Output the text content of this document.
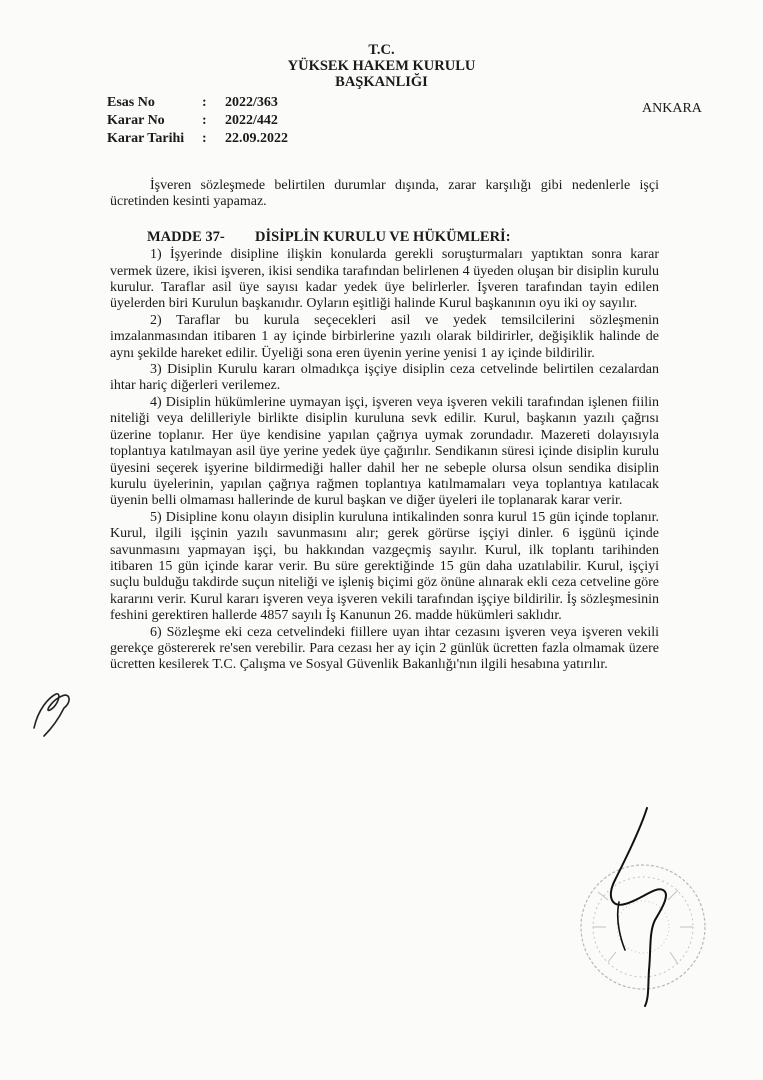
T.C.
YÜKSEK HAKEM KURULU
BAŞKANLIĞI
Esas No	:	2022/363
Karar No	:	2022/442
Karar Tarihi	:	22.09.2022
ANKARA

İşveren sözleşmede belirtilen durumlar dışında, zarar karşılığı gibi nedenlerle işçi ücretinden kesinti yapamaz.

MADDE 37- DİSİPLİN KURULU VE HÜKÜMLERİ:

1) İşyerinde disipline ilişkin konularda gerekli soruşturmaları yaptıktan sonra karar vermek üzere, ikisi işveren, ikisi sendika tarafından belirlenen 4 üyeden oluşan bir disiplin kurulu kurulur. Taraflar asil üye sayısı kadar yedek üye belirlerler. İşveren tarafından tayin edilen üyelerden biri Kurulun başkanıdır. Oyların eşitliği halinde Kurul başkanının oyu iki oy sayılır.

2) Taraflar bu kurula seçecekleri asil ve yedek temsilcilerini sözleşmenin imzalanmasından itibaren 1 ay içinde birbirlerine yazılı olarak bildirirler, değişiklik halinde de aynı şekilde hareket edilir. Üyeliği sona eren üyenin yerine yenisi 1 ay içinde bildirilir.

3) Disiplin Kurulu kararı olmadıkça işçiye disiplin ceza cetvelinde belirtilen cezalardan ihtar hariç diğerleri verilemez.

4) Disiplin hükümlerine uymayan işçi, işveren veya işveren vekili tarafından işlenen fiilin niteliği veya delilleriyle birlikte disiplin kuruluna sevk edilir. Kurul, başkanın yazılı çağrısı üzerine toplanır. Her üye kendisine yapılan çağrıya uymak zorundadır. Mazereti dolayısıyla toplantıya katılmayan asil üye yerine yedek üye çağırılır. Sendikanın süresi içinde disiplin kurulu üyesini seçerek işyerine bildirmediği haller dahil her ne sebeple olursa olsun sendika disiplin kurulu üyelerinin, yapılan çağrıya rağmen toplantıya katılmamaları veya toplantıya katılacak üyenin belli olmaması hallerinde de kurul başkan ve diğer üyeleri ile toplanarak karar verir.

5) Disipline konu olayın disiplin kuruluna intikalinden sonra kurul 15 gün içinde toplanır. Kurul, ilgili işçinin yazılı savunmasını alır; gerek görürse işçiyi dinler. 6 işgünü içinde savunmasını yapmayan işçi, bu hakkından vazgeçmiş sayılır. Kurul, ilk toplantı tarihinden itibaren 15 gün içinde karar verir. Bu süre gerektiğinde 15 gün daha uzatılabilir. Kurul, işçiyi suçlu bulduğu takdirde suçun niteliği ve işleniş biçimi göz önüne alınarak ekli ceza cetveline göre kararını verir. Kurul kararı işveren veya işveren vekili tarafından işçiye bildirilir. İş sözleşmesinin feshini gerektiren hallerde 4857 sayılı İş Kanunun 26. madde hükümleri saklıdır.

6) Sözleşme eki ceza cetvelindeki fiillere uyan ihtar cezasını işveren veya işveren vekili gerekçe göstererek re'sen verebilir. Para cezası her ay için 2 günlük ücretten fazla olmamak üzere ücretten kesilerek T.C. Çalışma ve Sosyal Güvenlik Bakanlığı'nın ilgili hesabına yatırılır.
